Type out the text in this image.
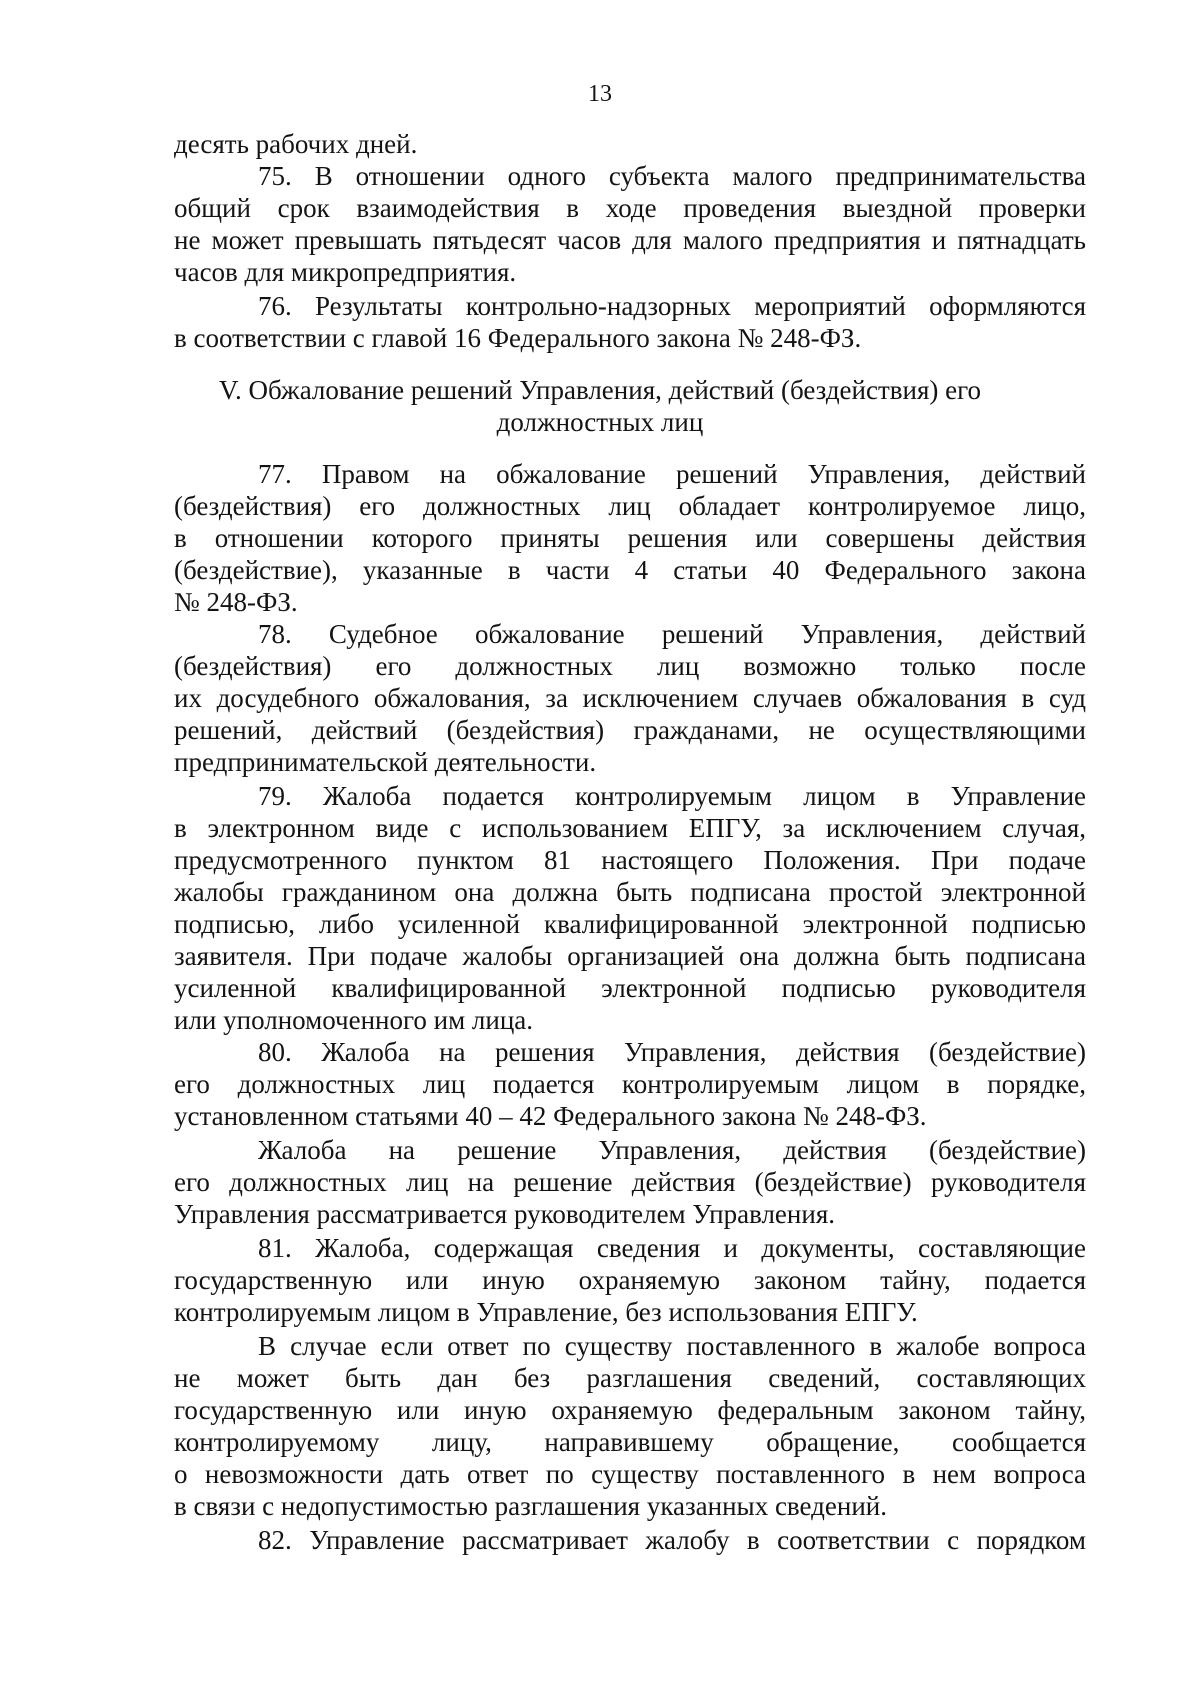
13
десять рабочих дней.
75. В отношении одного субъекта малого предпринимательства
общий срок взаимодействия в ходе проведения выездной проверки
не может превышать пятьдесят часов для малого предприятия и пятнадцать
часов для микропредприятия.
76. Результаты контрольно-надзорных мероприятий оформляются
в соответствии с главой 16 Федерального закона № 248-ФЗ.
V. Обжалование решений Управления, действий (бездействия) его
должностных лиц
77. Правом на обжалование решений Управления, действий
(бездействия) его должностных лиц обладает контролируемое лицо,
в отношении которого приняты решения или совершены действия
(бездействие), указанные в части 4 статьи 40 Федерального закона
№ 248-ФЗ.
78. Судебное обжалование решений Управления, действий
(бездействия) его должностных лиц возможно только после
их досудебного обжалования, за исключением случаев обжалования в суд
решений, действий (бездействия) гражданами, не осуществляющими
предпринимательской деятельности.
79. Жалоба подается контролируемым лицом в Управление
в электронном виде с использованием ЕПГУ, за исключением случая,
предусмотренного пунктом 81 настоящего Положения. При подаче
жалобы гражданином она должна быть подписана простой электронной
подписью, либо усиленной квалифицированной электронной подписью
заявителя. При подаче жалобы организацией она должна быть подписана
усиленной квалифицированной электронной подписью руководителя
или уполномоченного им лица.
80. Жалоба на решения Управления, действия (бездействие)
его должностных лиц подается контролируемым лицом в порядке,
установленном статьями 40 – 42 Федерального закона № 248-ФЗ.
Жалоба на решение Управления, действия (бездействие)
его должностных лиц на решение действия (бездействие) руководителя
Управления рассматривается руководителем Управления.
81. Жалоба, содержащая сведения и документы, составляющие
государственную или иную охраняемую законом тайну, подается
контролируемым лицом в Управление, без использования ЕПГУ.
В случае если ответ по существу поставленного в жалобе вопроса
не может быть дан без разглашения сведений, составляющих
государственную или иную охраняемую федеральным законом тайну,
контролируемому лицу, направившему обращение, сообщается
о невозможности дать ответ по существу поставленного в нем вопроса
в связи с недопустимостью разглашения указанных сведений.
82. Управление рассматривает жалобу в соответствии с порядком
